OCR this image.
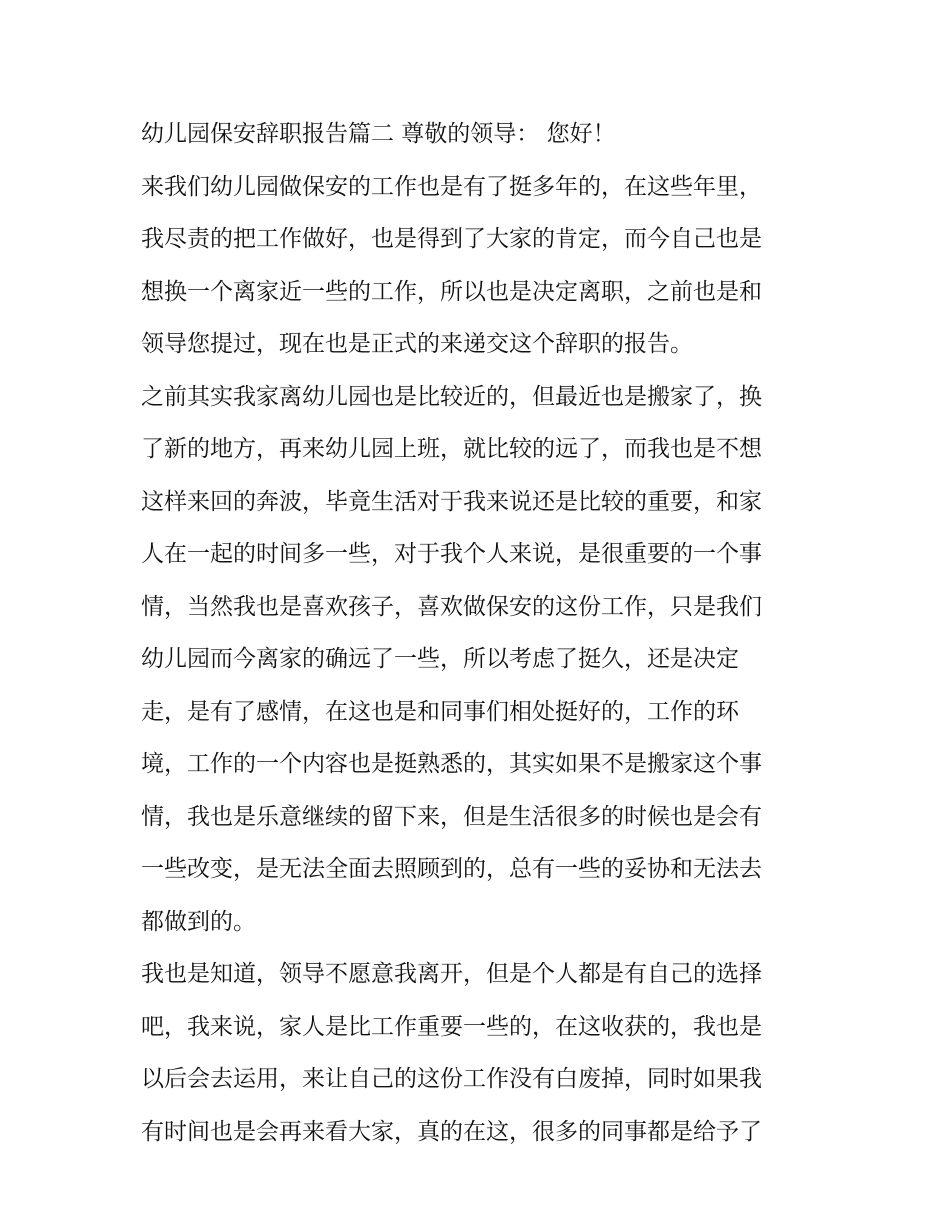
幼儿园保安辞职报告篇二 尊敬的领导： 您好！
来我们幼儿园做保安的工作也是有了挺多年的，在这些年里，
我尽责的把工作做好，也是得到了大家的肯定，而今自己也是
想换一个离家近一些的工作，所以也是决定离职，之前也是和
领导您提过，现在也是正式的来递交这个辞职的报告。
之前其实我家离幼儿园也是比较近的，但最近也是搬家了，换
了新的地方，再来幼儿园上班，就比较的远了，而我也是不想
这样来回的奔波，毕竟生活对于我来说还是比较的重要，和家
人在一起的时间多一些，对于我个人来说，是很重要的一个事
情，当然我也是喜欢孩子，喜欢做保安的这份工作，只是我们
幼儿园而今离家的确远了一些，所以考虑了挺久，还是决定
走，是有了感情，在这也是和同事们相处挺好的，工作的环
境，工作的一个内容也是挺熟悉的，其实如果不是搬家这个事
情，我也是乐意继续的留下来，但是生活很多的时候也是会有
一些改变，是无法全面去照顾到的，总有一些的妥协和无法去
都做到的。
我也是知道，领导不愿意我离开，但是个人都是有自己的选择
吧，我来说，家人是比工作重要一些的，在这收获的，我也是
以后会去运用，来让自己的这份工作没有白废掉，同时如果我
有时间也是会再来看大家，真的在这，很多的同事都是给予了
